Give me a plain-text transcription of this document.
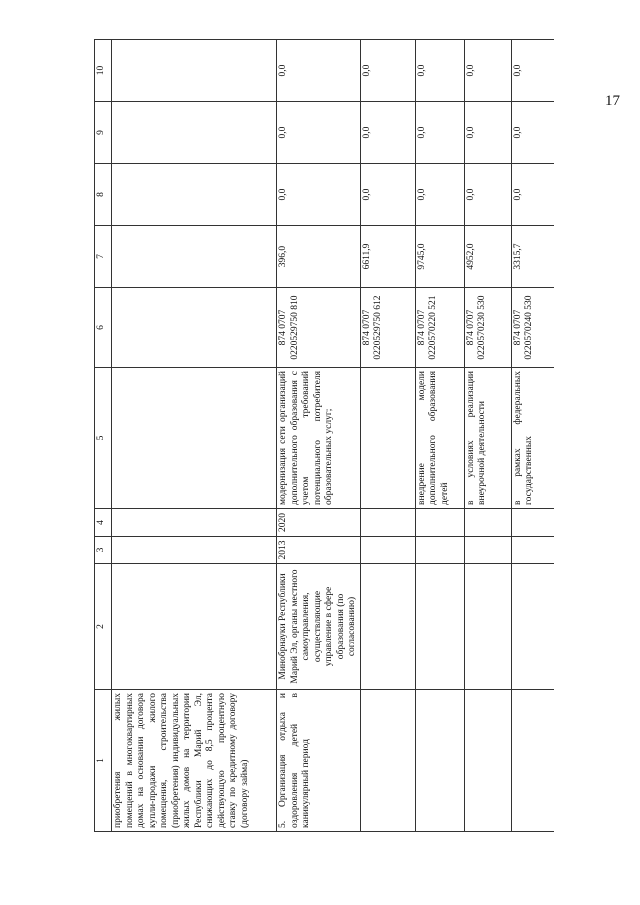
17
1	2	3	4	5	6	7	8	9	10
приобретения жилых помещений в многоквартирных домах на основании договора купли-продажи жилого помещения, строительства (приобретения) индивидуальных жилых домов на территории Республики Марий Эл, снижающих до 8,5 процента действующую процентную ставку по кредитному договору (договору займа)									
5. Организация отдыха и оздоровления детей в каникулярный период	Минобрнауки Республики Марий Эл, органы местного самоуправления, осуществляющие управление в сфере образования (по согласованию)	2013	2020	модернизация сети организаций дополнительного образования с учетом требований потенциального потребителя образовательных услуг;	874 0707 0220529750 810	396,0	0,0	0,0	0,0
					874 0707 0220529750 612	6611,9	0,0	0,0	0,0
				внедрение модели дополнительного образования детей	874 0707 0220570220 521	9745,0	0,0	0,0	0,0
				в условиях реализации внеурочной деятельности	874 0707 0220570230 530	4952,0	0,0	0,0	0,0
				в рамках федеральных государственных	874 0707 0220570240 530	3315,7	0,0	0,0	0,0
